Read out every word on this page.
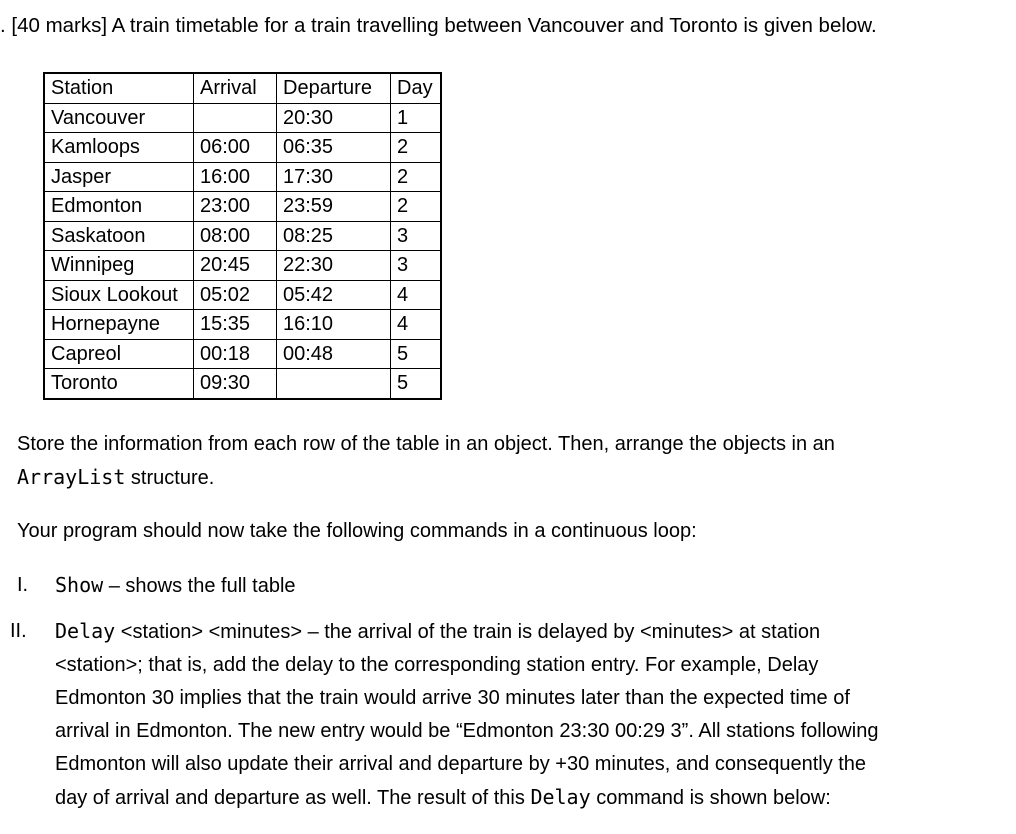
. [40 marks] A train timetable for a train travelling between Vancouver and Toronto is given below.
Station	Arrival	Departure	Day
Vancouver		20:30	1
Kamloops	06:00	06:35	2
Jasper	16:00	17:30	2
Edmonton	23:00	23:59	2
Saskatoon	08:00	08:25	3
Winnipeg	20:45	22:30	3
Sioux Lookout	05:02	05:42	4
Hornepayne	15:35	16:10	4
Capreol	00:18	00:48	5
Toronto	09:30		5
Store the information from each row of the table in an object. Then, arrange the objects in an
ArrayList structure.
Your program should now take the following commands in a continuous loop:
I. Show – shows the full table
II. Delay <station> <minutes> – the arrival of the train is delayed by <minutes> at station
<station>; that is, add the delay to the corresponding station entry. For example, Delay
Edmonton 30 implies that the train would arrive 30 minutes later than the expected time of
arrival in Edmonton. The new entry would be “Edmonton 23:30 00:29 3”. All stations following
Edmonton will also update their arrival and departure by +30 minutes, and consequently the
day of arrival and departure as well. The result of this Delay command is shown below:
